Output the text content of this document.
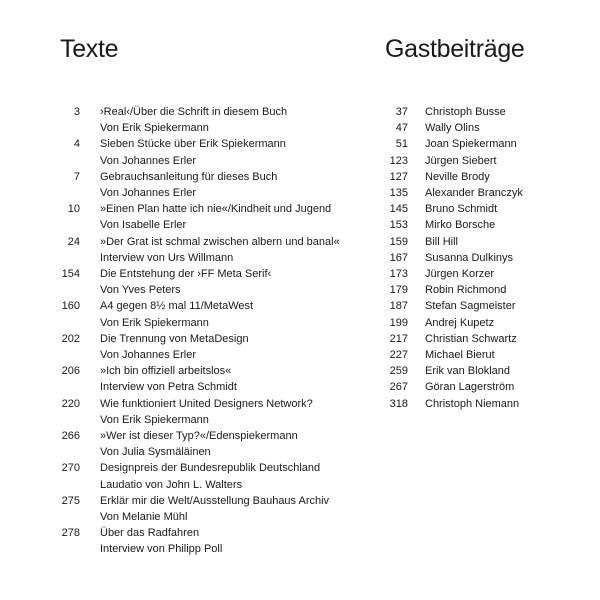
Texte	Gastbeiträge
3 ›Real‹/Über die Schrift in diesem Buch
Von Erik Spiekermann
4 Sieben Stücke über Erik Spiekermann
Von Johannes Erler
7 Gebrauchsanleitung für dieses Buch
Von Johannes Erler
10 »Einen Plan hatte ich nie«/Kindheit und Jugend
Von Isabelle Erler
24 »Der Grat ist schmal zwischen albern und banal«
Interview von Urs Willmann
154 Die Entstehung der ›FF Meta Serif‹
Von Yves Peters
160 A4 gegen 8½ mal 11/MetaWest
Von Erik Spiekermann
202 Die Trennung von MetaDesign
Von Johannes Erler
206 »Ich bin offiziell arbeitslos«
Interview von Petra Schmidt
220 Wie funktioniert United Designers Network?
Von Erik Spiekermann
266 »Wer ist dieser Typ?«/Edenspiekermann
Von Julia Sysmäläinen
270 Designpreis der Bundesrepublik Deutschland
Laudatio von John L. Walters
275 Erklär mir die Welt/Ausstellung Bauhaus Archiv
Von Melanie Mühl
278 Über das Radfahren
Interview von Philipp Poll
37 Christoph Busse
47 Wally Olins
51 Joan Spiekermann
123 Jürgen Siebert
127 Neville Brody
135 Alexander Branczyk
145 Bruno Schmidt
153 Mirko Borsche
159 Bill Hill
167 Susanna Dulkinys
173 Jürgen Korzer
179 Robin Richmond
187 Stefan Sagmeister
199 Andrej Kupetz
217 Christian Schwartz
227 Michael Bierut
259 Erik van Blokland
267 Göran Lagerström
318 Christoph Niemann
